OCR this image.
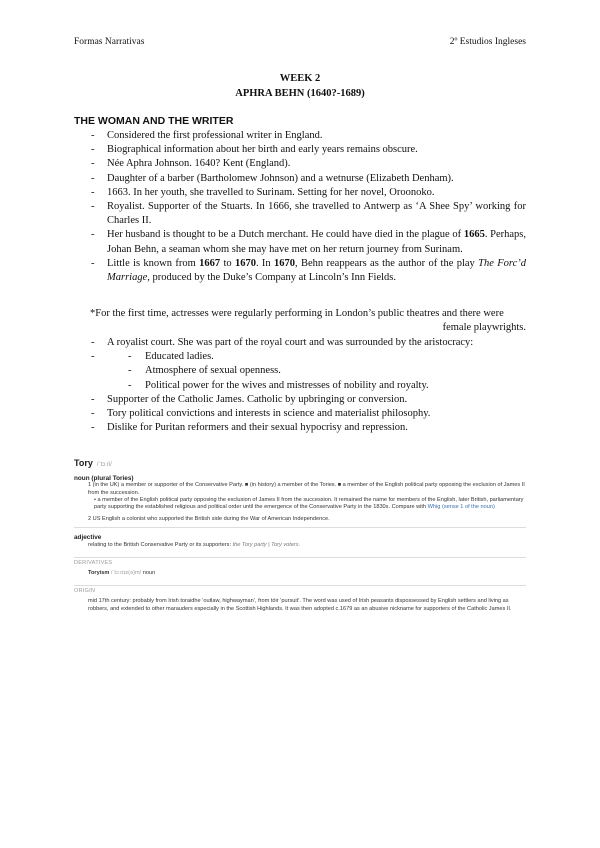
Formas Narrativas	2º Estudios Ingleses
WEEK 2
APHRA BEHN (1640?-1689)
THE WOMAN AND THE WRITER
- Considered the first professional writer in England.
- Biographical information about her birth and early years remains obscure.
- Née Aphra Johnson. 1640? Kent (England).
- Daughter of a barber (Bartholomew Johnson) and a wetnurse (Elizabeth Denham).
- 1663. In her youth, she travelled to Surinam. Setting for her novel, Oroonoko.
- Royalist. Supporter of the Stuarts. In 1666, she travelled to Antwerp as ‘A Shee Spy’ working for Charles II.
- Her husband is thought to be a Dutch merchant. He could have died in the plague of 1665. Perhaps, Johan Behn, a seaman whom she may have met on her return journey from Surinam.
- Little is known from 1667 to 1670. In 1670, Behn reappears as the author of the play The Forc’d Marriage, produced by the Duke’s Company at Lincoln’s Inn Fields.
*For the first time, actresses were regularly performing in London’s public theatres and there were
female playwrights.
- A royalist court. She was part of the royal court and was surrounded by the aristocracy:
- - Educated ladies.
- Atmosphere of sexual openness.
- Political power for the wives and mistresses of nobility and royalty.
- Supporter of the Catholic James. Catholic by upbringing or conversion.
- Tory political convictions and interests in science and materialist philosophy.
- Dislike for Puritan reformers and their sexual hypocrisy and repression.
Tory /ˈtɔːri/
noun (plural Tories)
1 (in the UK) a member or supporter of the Conservative Party. ■ (in history) a member of the Tories. ■ a member of the English political party opposing the exclusion of James II from the succession.
• a member of the English political party opposing the exclusion of James II from the succession. It remained the name for members of the English, later British, parliamentary party supporting the established religious and political order until the emergence of the Conservative Party in the 1830s. Compare with Whig (sense 1 of the noun)
2 US English a colonist who supported the British side during the War of American Independence.
adjective
relating to the British Conservative Party or its supporters: the Tory party | Tory voters.
DERIVATIVES
Toryism /ˈtɔːriɪz(ə)m/ noun
ORIGIN
mid 17th century: probably from Irish toraidhe ‘outlaw, highwayman’, from tóir ‘pursuit’. The word was used of Irish peasants dispossessed by English settlers and living as robbers, and extended to other marauders especially in the Scottish Highlands. It was then adopted c.1679 as an abusive nickname for supporters of the Catholic James II.
